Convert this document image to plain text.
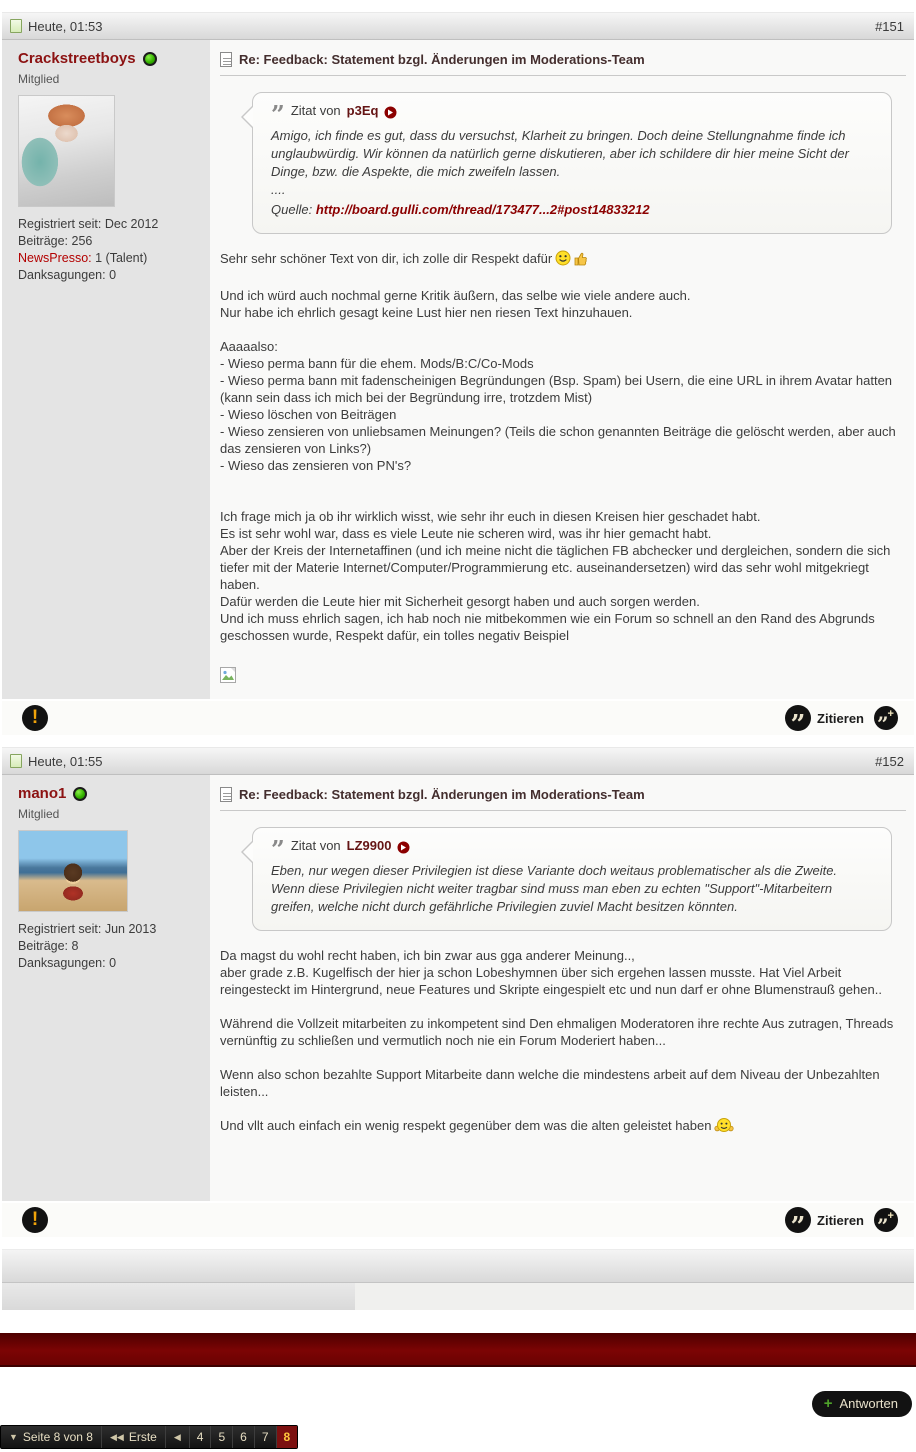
Heute, 01:53	#151
Crackstreetboys
Mitglied
Registriert seit: Dec 2012
Beiträge: 256
NewsPresso: 1 (Talent)
Danksagungen: 0
Re: Feedback: Statement bzgl. Änderungen im Moderations-Team
” Zitat von p3Eq
Amigo, ich finde es gut, dass du versuchst, Klarheit zu bringen. Doch deine Stellungnahme finde ich unglaubwürdig. Wir können da natürlich gerne diskutieren, aber ich schildere dir hier meine Sicht der Dinge, bzw. die Aspekte, die mich zweifeln lassen.
....
Quelle: http://board.gulli.com/thread/173477...2#post14833212
Sehr sehr schöner Text von dir, ich zolle dir Respekt dafür
Und ich würd auch nochmal gerne Kritik äußern, das selbe wie viele andere auch.
Nur habe ich ehrlich gesagt keine Lust hier nen riesen Text hinzuhauen.
Aaaaalso:
- Wieso perma bann für die ehem. Mods/B:C/Co-Mods
- Wieso perma bann mit fadenscheinigen Begründungen (Bsp. Spam) bei Usern, die eine URL in ihrem Avatar hatten (kann sein dass ich mich bei der Begründung irre, trotzdem Mist)
- Wieso löschen von Beiträgen
- Wieso zensieren von unliebsamen Meinungen? (Teils die schon genannten Beiträge die gelöscht werden, aber auch das zensieren von Links?)
- Wieso das zensieren von PN's?
Ich frage mich ja ob ihr wirklich wisst, wie sehr ihr euch in diesen Kreisen hier geschadet habt.
Es ist sehr wohl war, dass es viele Leute nie scheren wird, was ihr hier gemacht habt.
Aber der Kreis der Internetaffinen (und ich meine nicht die täglichen FB abchecker und dergleichen, sondern die sich tiefer mit der Materie Internet/Computer/Programmierung etc. auseinandersetzen) wird das sehr wohl mitgekriegt haben.
Dafür werden die Leute hier mit Sicherheit gesorgt haben und auch sorgen werden.
Und ich muss ehrlich sagen, ich hab noch nie mitbekommen wie ein Forum so schnell an den Rand des Abgrunds geschossen wurde, Respekt dafür, ein tolles negativ Beispiel
!	” Zitieren ” +
Heute, 01:55	#152
mano1
Mitglied
Registriert seit: Jun 2013
Beiträge: 8
Danksagungen: 0
Re: Feedback: Statement bzgl. Änderungen im Moderations-Team
” Zitat von LZ9900
Eben, nur wegen dieser Privilegien ist diese Variante doch weitaus problematischer als die Zweite.
Wenn diese Privilegien nicht weiter tragbar sind muss man eben zu echten "Support"-Mitarbeitern greifen, welche nicht durch gefährliche Privilegien zuviel Macht besitzen könnten.
Da magst du wohl recht haben, ich bin zwar aus gga anderer Meinung..,
aber grade z.B. Kugelfisch der hier ja schon Lobeshymnen über sich ergehen lassen musste. Hat Viel Arbeit reingesteckt im Hintergrund, neue Features und Skripte eingespielt etc und nun darf er ohne Blumenstrauß gehen..
Während die Vollzeit mitarbeiten zu inkompetent sind Den ehmaligen Moderatoren ihre rechte Aus zutragen, Threads vernünftig zu schließen und vermutlich noch nie ein Forum Moderiert haben...
Wenn also schon bezahlte Support Mitarbeite dann welche die mindestens arbeit auf dem Niveau der Unbezahlten leisten...
Und vllt auch einfach ein wenig respekt gegenüber dem was die alten geleistet haben
!	” Zitieren ” +
+ Antworten
▼ Seite 8 von 8 ◀◀ Erste ◀	4	5	6	7	8
